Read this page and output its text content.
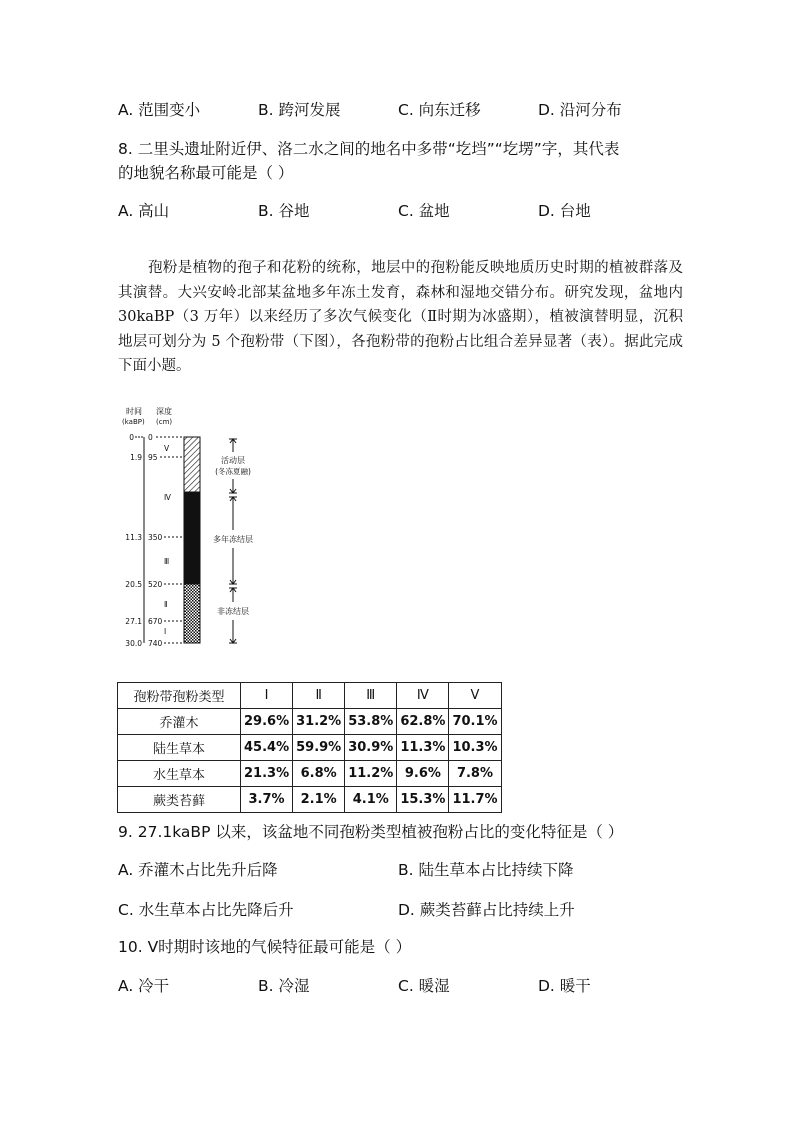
A. 范围变小	B. 跨河发展	C. 向东迁移	D. 沿河分布
8. 二里头遗址附近伊、洛二水之间的地名中多带“圪垱”“圪塄”字，其代表
的地貌名称最可能是（ ）
A. 高山	B. 谷地	C. 盆地	D. 台地

孢粉是植物的孢子和花粉的统称，地层中的孢粉能反映地质历史时期的植被群落及其演替。大兴安岭北部某盆地多年冻土发育，森林和湿地交错分布。研究发现，盆地内 30kaBP（3 万年）以来经历了多次气候变化（Ⅱ时期为冰盛期），植被演替明显，沉积地层可划分为 5 个孢粉带（下图），各孢粉带的孢粉占比组合差异显著（表）。据此完成下面小题。

时间
(kaBP)
深度
(cm)
0 0
1.9 95
11.3 350
20.5 520
27.1 670
30.0 740
Ⅴ
Ⅳ
Ⅲ
Ⅱ
Ⅰ
活动层
(冬冻夏融)
多年冻结层
非冻结层
孢粉带孢粉类型	Ⅰ	Ⅱ	Ⅲ	Ⅳ	Ⅴ
乔灌木	29.6%	31.2%	53.8%	62.8%	70.1%
陆生草本	45.4%	59.9%	30.9%	11.3%	10.3%
水生草本	21.3%	6.8%	11.2%	9.6%	7.8%
蕨类苔藓	3.7%	2.1%	4.1%	15.3%	11.7%
9. 27.1kaBP 以来，该盆地不同孢粉类型植被孢粉占比的变化特征是（ ）
A. 乔灌木占比先升后降	B. 陆生草本占比持续下降
C. 水生草本占比先降后升	D. 蕨类苔藓占比持续上升
10. Ⅴ时期时该地的气候特征最可能是（ ）
A. 冷干	B. 冷湿	C. 暖湿	D. 暖干
